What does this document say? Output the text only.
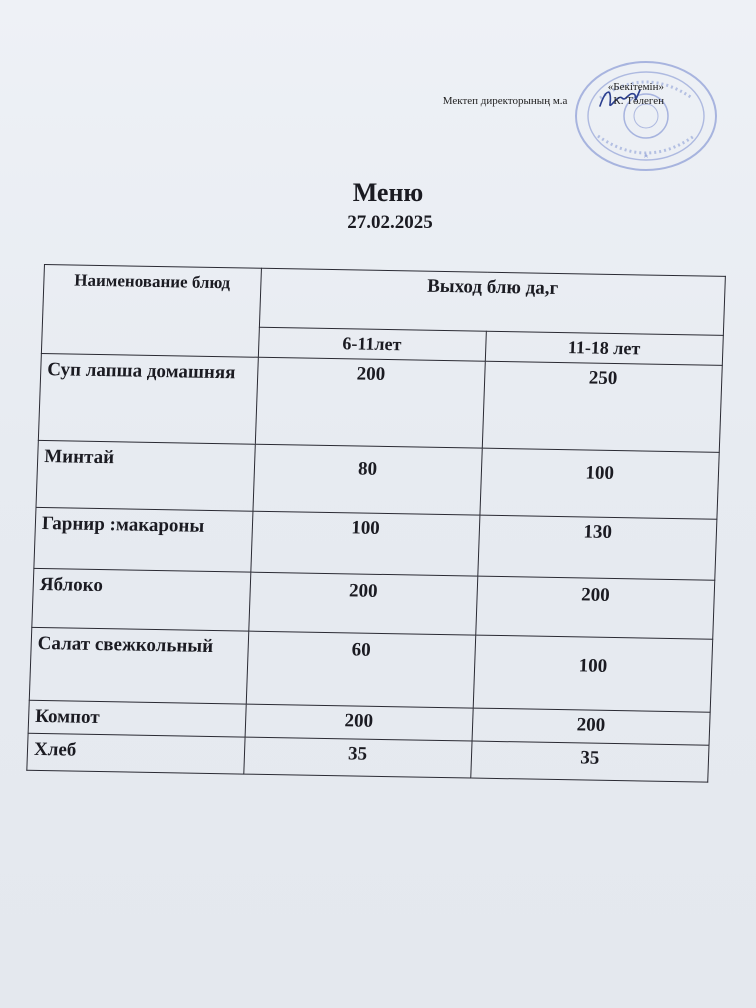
«Бекітемін»
Мектеп директорының м.а	К. Төлеген
Меню
27.02.2025
Наименование блюд	Выход блю да,г	
	6-11лет	11-18 лет
Суп лапша домашняя	200	250
Минтай	80	100
Гарнир :макароны	100	130
Яблоко	200	200
Салат свежкольный	60	100
Компот	200	200
Хлеб	35	35
